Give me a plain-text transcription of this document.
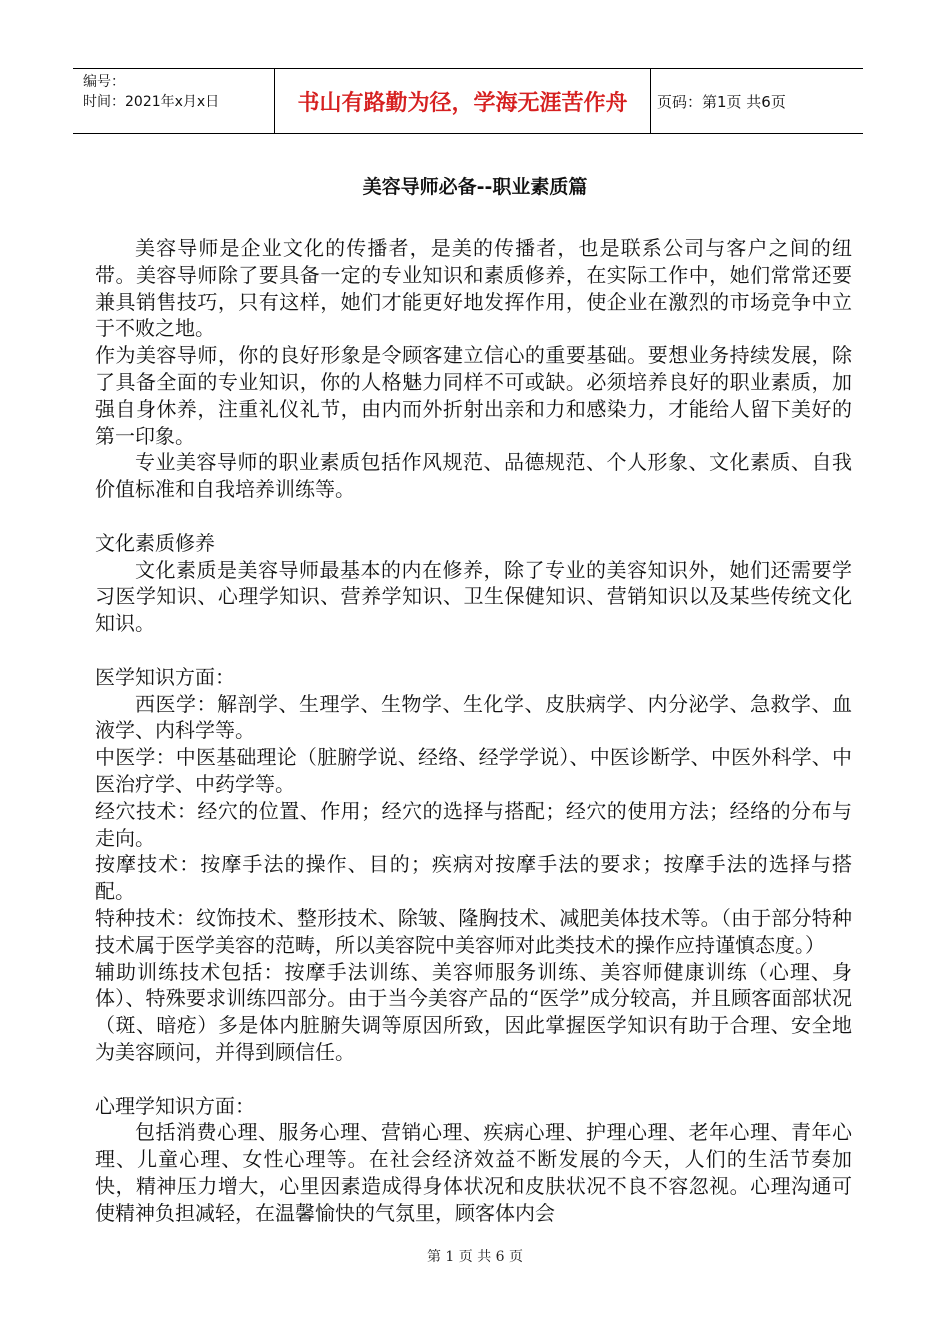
编号：
时间：2021年x月x日	书山有路勤为径，学海无涯苦作舟	页码：第1页 共6页
美容导师必备--职业素质篇

美容导师是企业文化的传播者，是美的传播者，也是联系公司与客户之间的纽带。美容导师除了要具备一定的专业知识和素质修养，在实际工作中，她们常常还要兼具销售技巧，只有这样，她们才能更好地发挥作用，使企业在激烈的市场竞争中立于不败之地。

作为美容导师，你的良好形象是令顾客建立信心的重要基础。要想业务持续发展，除了具备全面的专业知识，你的人格魅力同样不可或缺。必须培养良好的职业素质，加强自身休养，注重礼仪礼节，由内而外折射出亲和力和感染力，才能给人留下美好的第一印象。

专业美容导师的职业素质包括作风规范、品德规范、个人形象、文化素质、自我价值标准和自我培养训练等。

文化素质修养

文化素质是美容导师最基本的内在修养，除了专业的美容知识外，她们还需要学习医学知识、心理学知识、营养学知识、卫生保健知识、营销知识以及某些传统文化知识。

医学知识方面：

西医学：解剖学、生理学、生物学、生化学、皮肤病学、内分泌学、急救学、血液学、内科学等。

中医学：中医基础理论（脏腑学说、经络、经学学说）、中医诊断学、中医外科学、中医治疗学、中药学等。

经穴技术：经穴的位置、作用；经穴的选择与搭配；经穴的使用方法；经络的分布与走向。

按摩技术：按摩手法的操作、目的；疾病对按摩手法的要求；按摩手法的选择与搭配。

特种技术：纹饰技术、整形技术、除皱、隆胸技术、减肥美体技术等。（由于部分特种技术属于医学美容的范畴，所以美容院中美容师对此类技术的操作应持谨慎态度。）

辅助训练技术包括：按摩手法训练、美容师服务训练、美容师健康训练（心理、身体）、特殊要求训练四部分。由于当今美容产品的“医学”成分较高，并且顾客面部状况（斑、暗疮）多是体内脏腑失调等原因所致，因此掌握医学知识有助于合理、安全地为美容顾问，并得到顾信任。

心理学知识方面：

包括消费心理、服务心理、营销心理、疾病心理、护理心理、老年心理、青年心理、儿童心理、女性心理等。在社会经济效益不断发展的今天，人们的生活节奏加快，精神压力增大，心里因素造成得身体状况和皮肤状况不良不容忽视。心理沟通可使精神负担减轻，在温馨愉快的气氛里，顾客体内会

第 1 页 共 6 页
